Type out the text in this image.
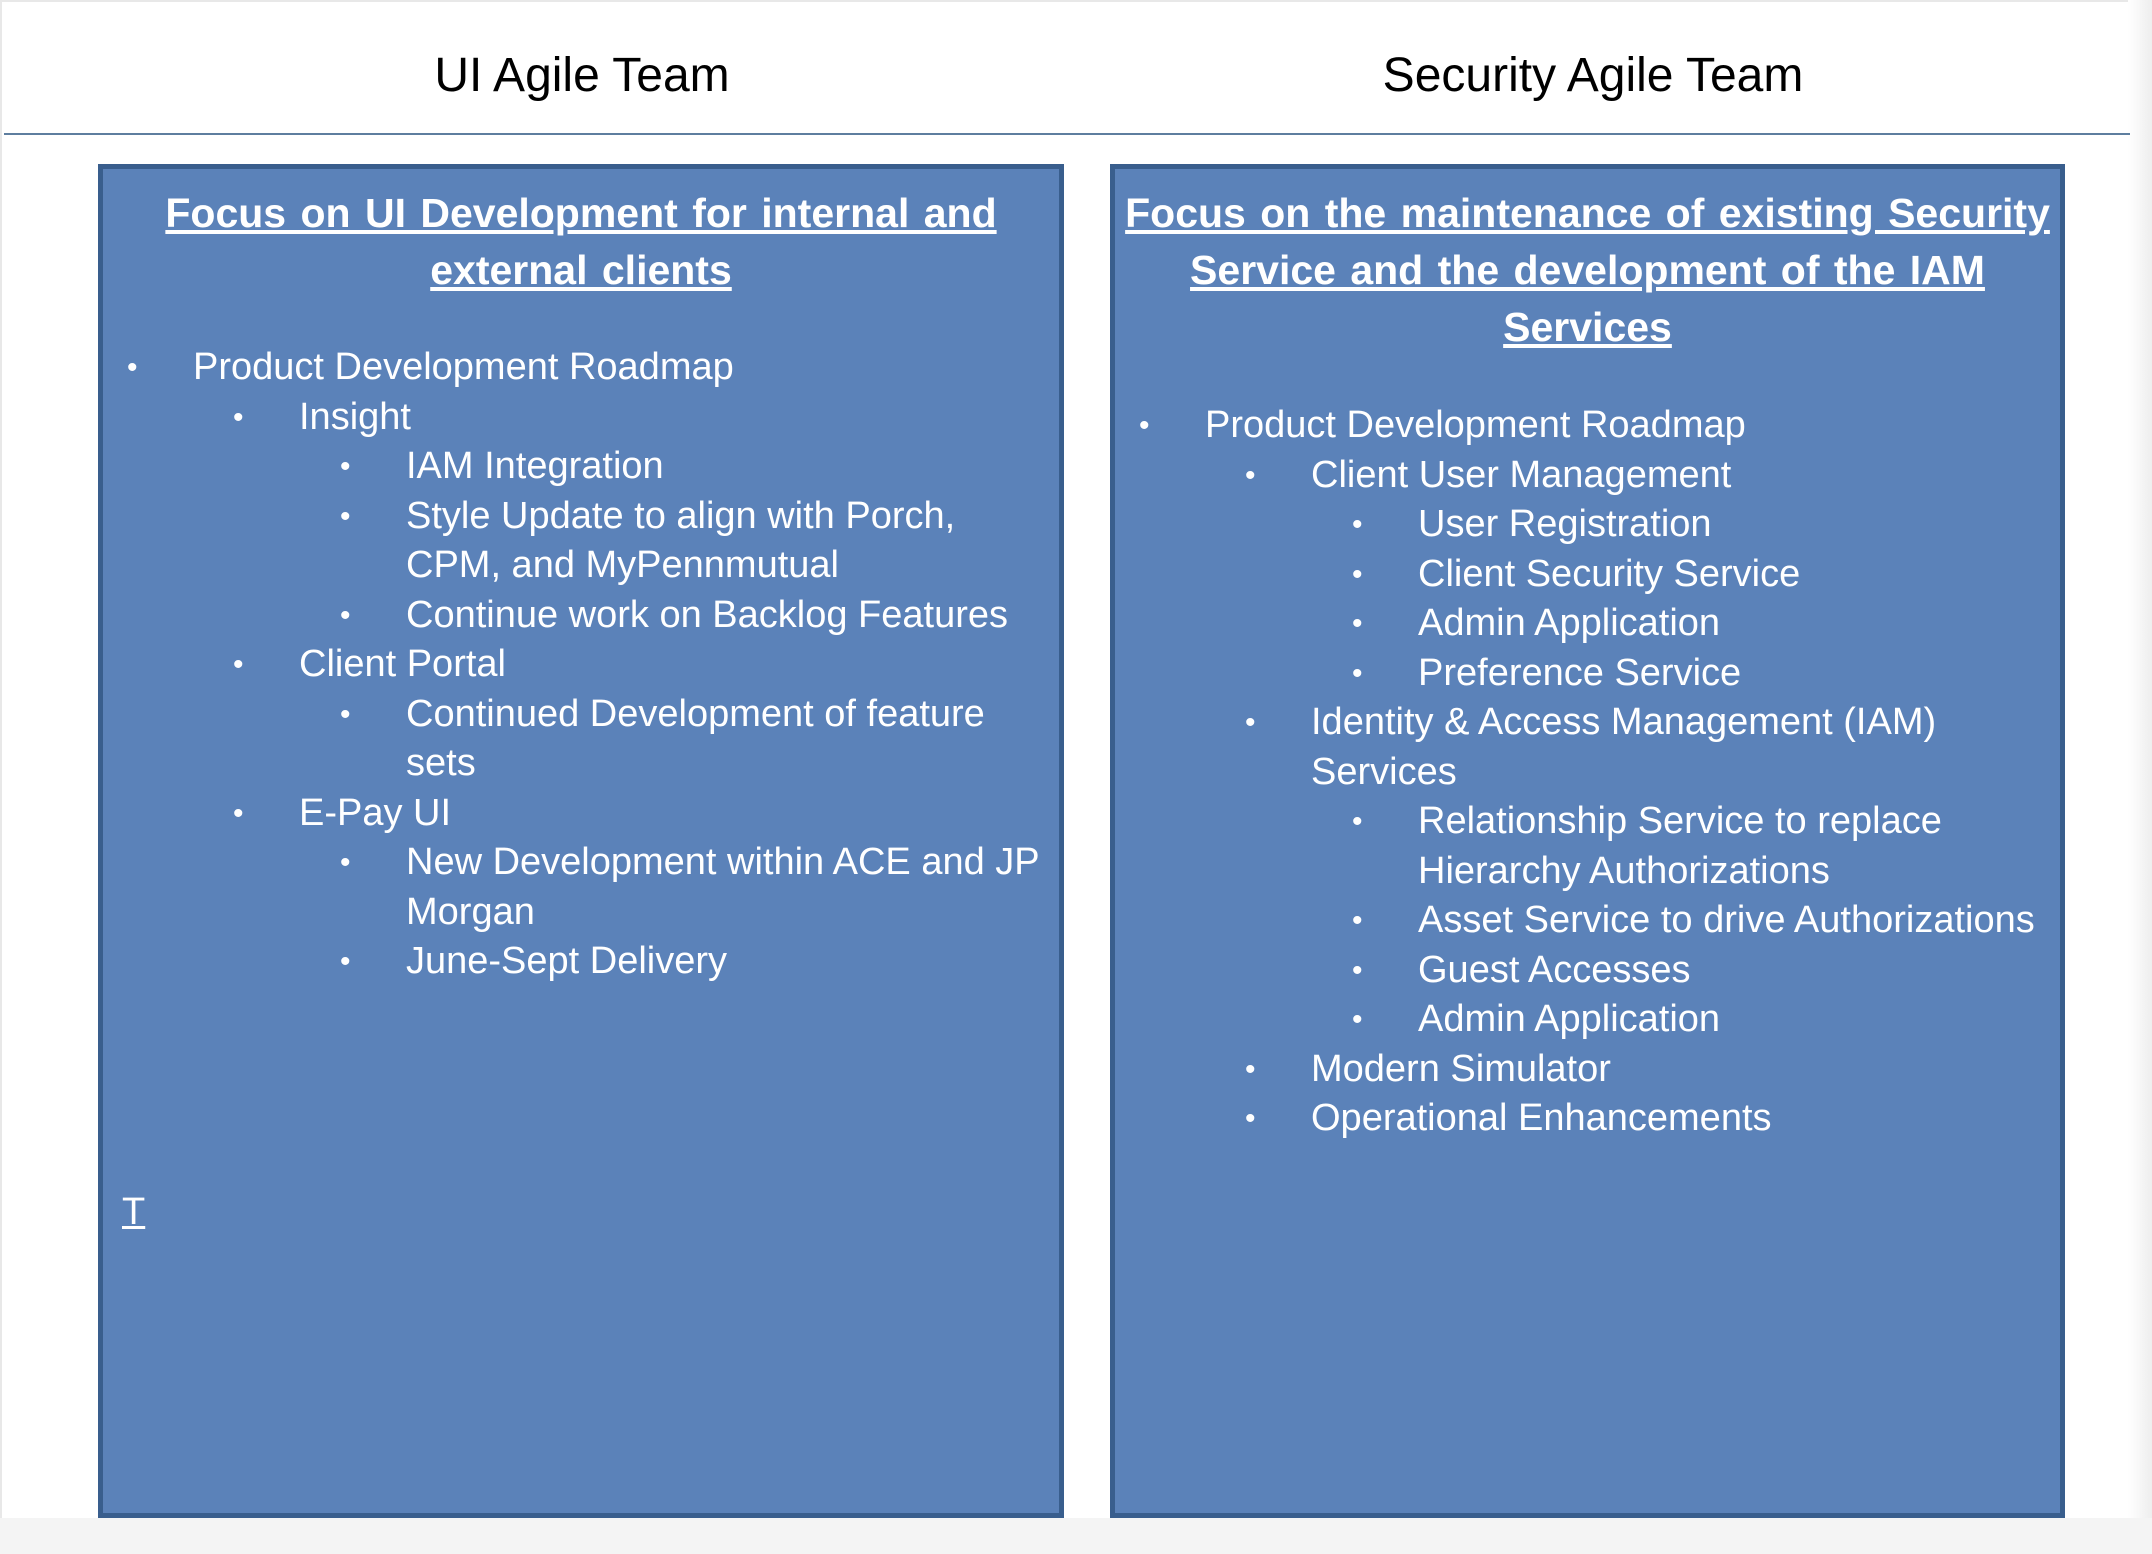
UI Agile Team	Security Agile Team
Focus on UI Development for internal and
external clients
• Product Development Roadmap
• Insight
• IAM Integration
• Style Update to align with Porch,
CPM, and MyPennmutual
• Continue work on Backlog Features
• Client Portal
• Continued Development of feature
sets
• E-Pay UI
• New Development within ACE and JP
Morgan
• June-Sept Delivery
T
Focus on the maintenance of existing Security
Service and the development of the IAM
Services
• Product Development Roadmap
• Client User Management
• User Registration
• Client Security Service
• Admin Application
• Preference Service
• Identity & Access Management (IAM)
Services
• Relationship Service to replace
Hierarchy Authorizations
• Asset Service to drive Authorizations
• Guest Accesses
• Admin Application
• Modern Simulator
• Operational Enhancements
